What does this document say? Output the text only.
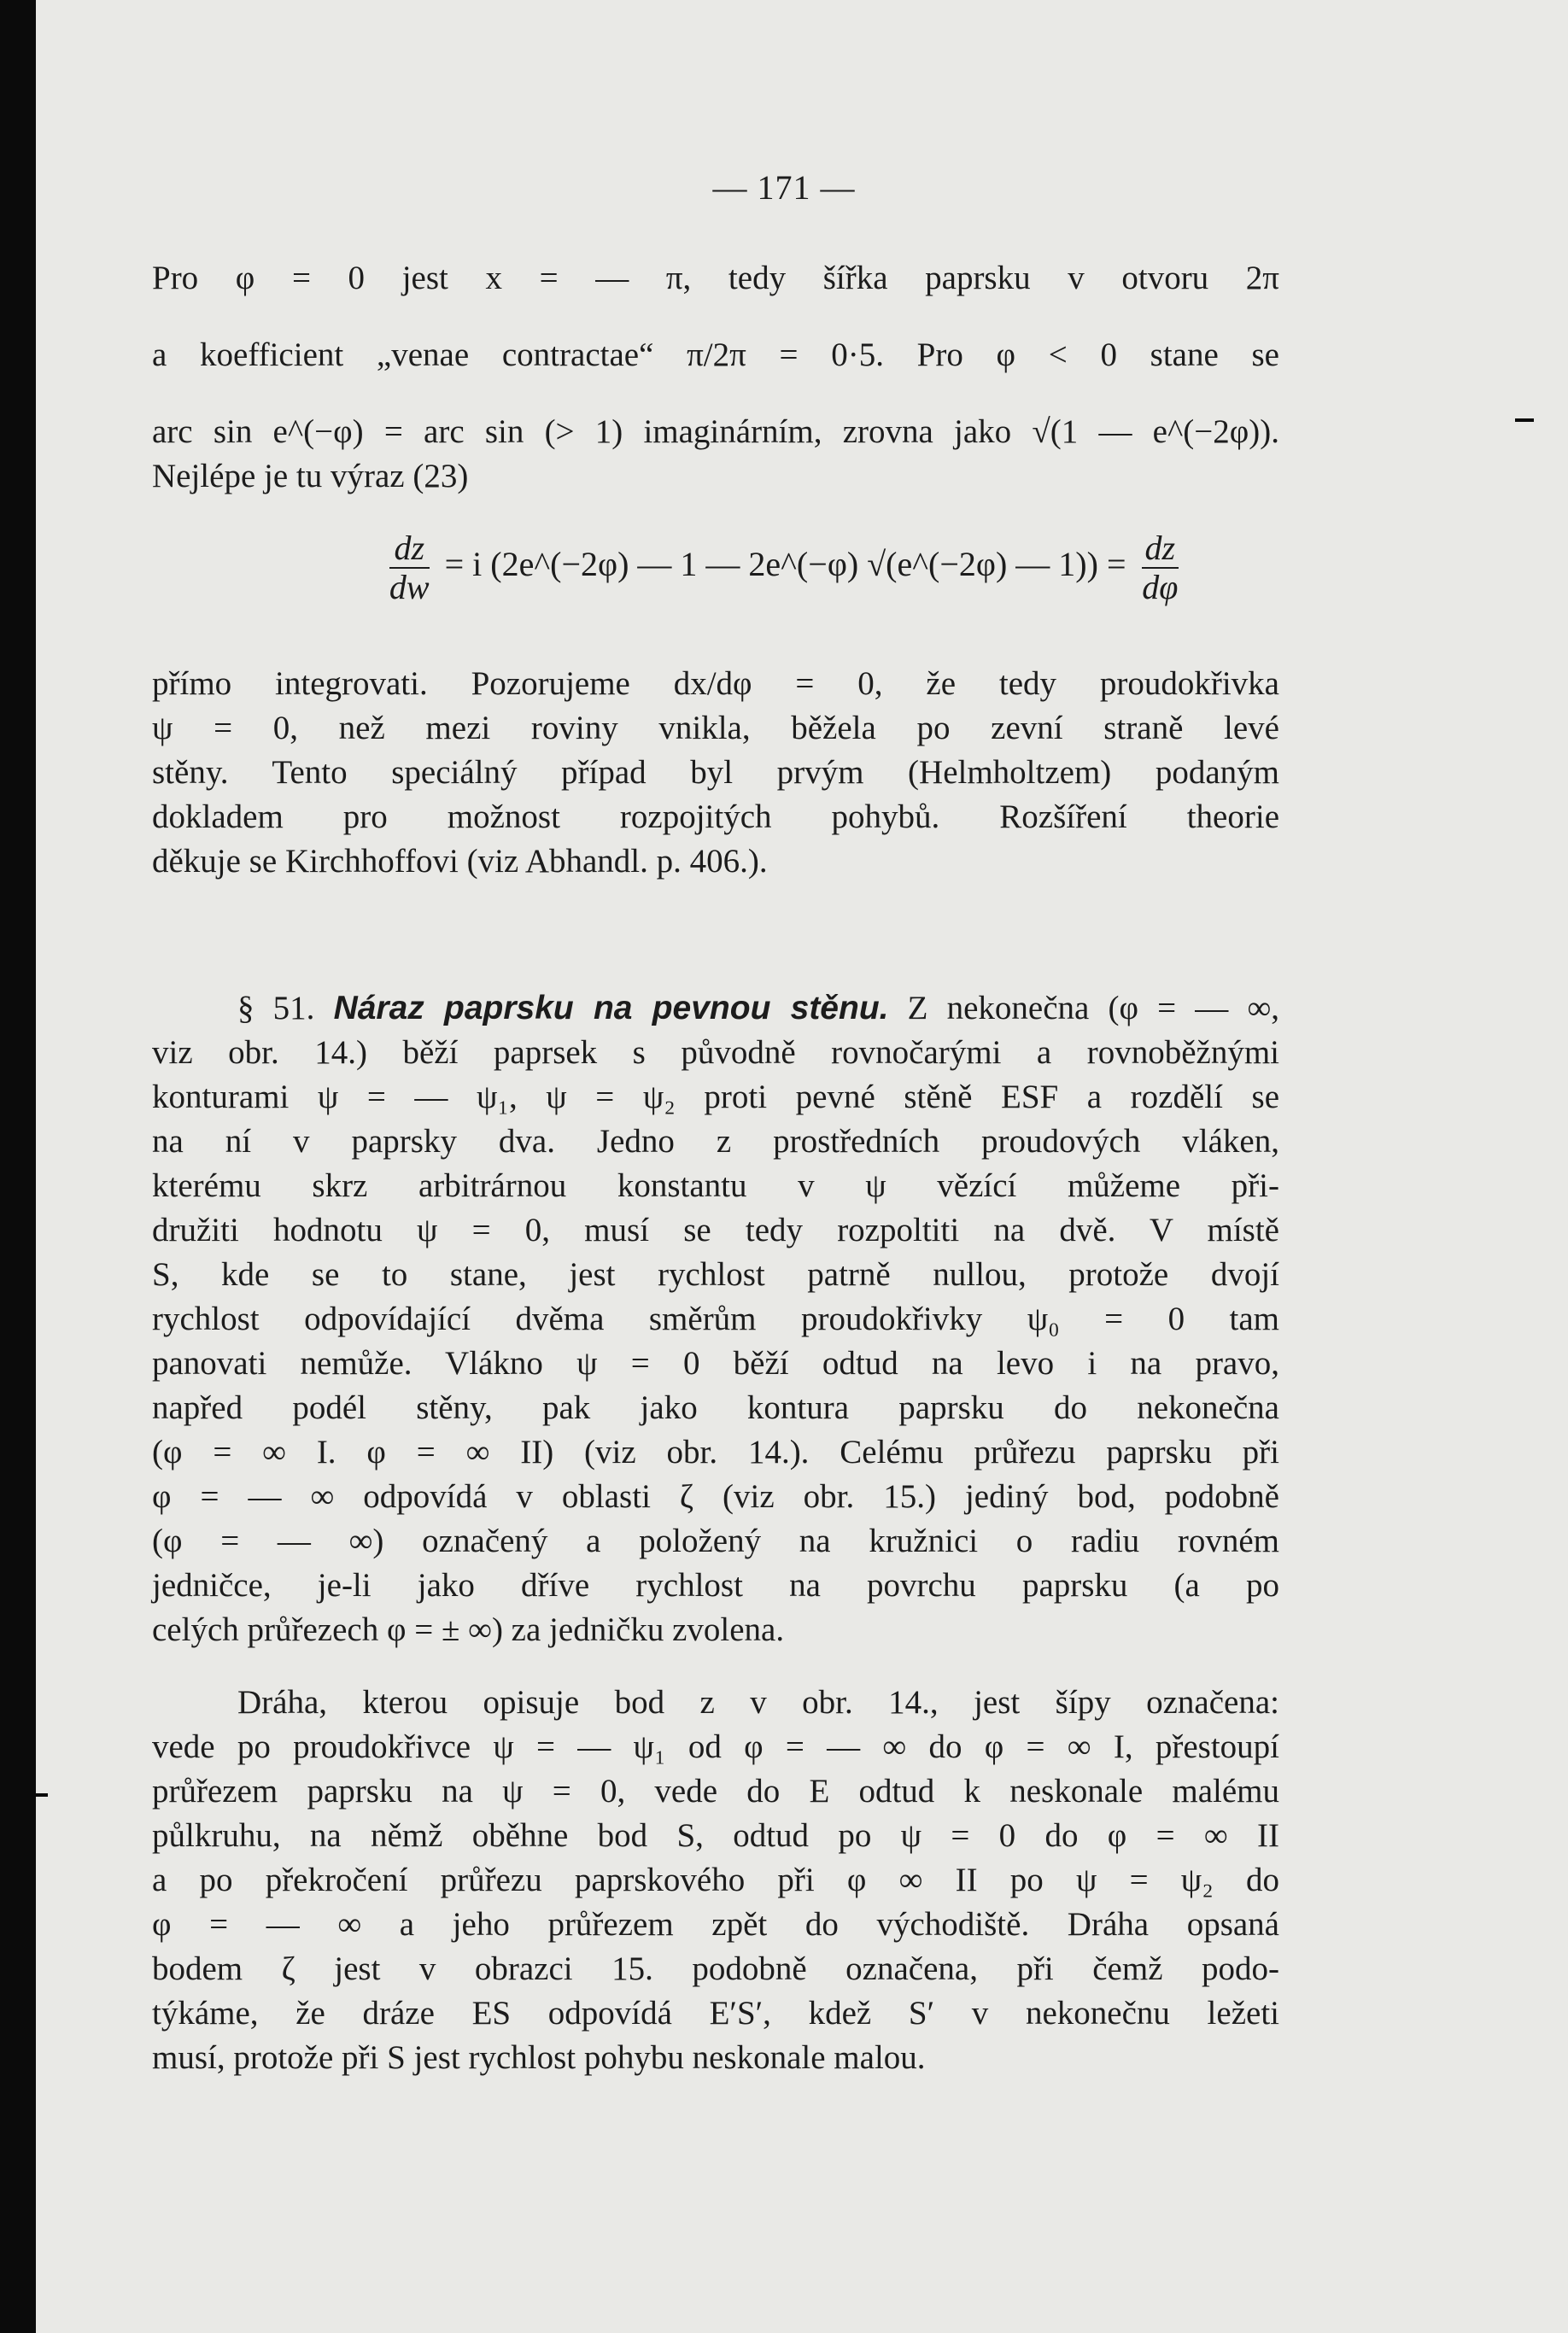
— 171 —
Pro φ = 0 jest x = — π, tedy šířka paprsku v otvoru 2π
a koefficient „venae contractae“ π/2π = 0·5. Pro φ < 0 stane se
arc sin e^(−φ) = arc sin (> 1) imaginárním, zrovna jako √(1 — e^(−2φ)).
Nejlépe je tu výraz (23)
$\frac{dz}{dw} = i$ (2e^(−2φ) — 1 — 2e^(−φ) √(e^(−2φ) — $1)) = \frac{dz}{d\varphi}$
přímo integrovati. Pozorujeme dx/dφ = 0, že tedy proudokřivka
ψ = 0, než mezi roviny vnikla, běžela po zevní straně levé
stěny. Tento speciálný případ byl prvým (Helmholtzem) podaným
dokladem pro možnost rozpojitých pohybů. Rozšíření theorie
děkuje se Kirchhoffovi (viz Abhandl. p. 406.).
§ 51. Náraz paprsku na pevnou stěnu. Z nekonečna (φ = — ∞,
viz obr. 14.) běží paprsek s původně rovnočarými a rovnoběžnými
konturami ψ = — ψ₁, ψ = ψ₂ proti pevné stěně ESF a rozdělí se
na ní v paprsky dva. Jedno z prostředních proudových vláken,
kterému skrz arbitrárnou konstantu v ψ vězící můžeme při-
družiti hodnotu ψ = 0, musí se tedy rozpoltiti na dvě. V místě
S, kde se to stane, jest rychlost patrně nullou, protože dvojí
rychlost odpovídající dvěma směrům proudokřivky ψ₀ = 0 tam
panovati nemůže. Vlákno ψ = 0 běží odtud na levo i na pravo,
napřed podél stěny, pak jako kontura paprsku do nekonečna
(φ = ∞ I. φ = ∞ II) (viz obr. 14.). Celému průřezu paprsku při
φ = — ∞ odpovídá v oblasti ζ (viz obr. 15.) jediný bod, podobně
(φ = — ∞) označený a položený na kružnici o radiu rovném
jedničce, je-li jako dříve rychlost na povrchu paprsku (a po
celých průřezech φ = ± ∞) za jedničku zvolena.
Dráha, kterou opisuje bod z v obr. 14., jest šípy označena:
vede po proudokřivce ψ = — ψ₁ od φ = — ∞ do φ = ∞ I, přestoupí
průřezem paprsku na ψ = 0, vede do E odtud k neskonale malému
půlkruhu, na němž oběhne bod S, odtud po ψ = 0 do φ = ∞ II
a po překročení průřezu paprskového při φ ∞ II po ψ = ψ₂ do
φ = — ∞ a jeho průřezem zpět do východiště. Dráha opsaná
bodem ζ jest v obrazci 15. podobně označena, při čemž podo-
týkáme, že dráze ES odpovídá E′S′, kdež S′ v nekonečnu ležeti
musí, protože při S jest rychlost pohybu neskonale malou.
